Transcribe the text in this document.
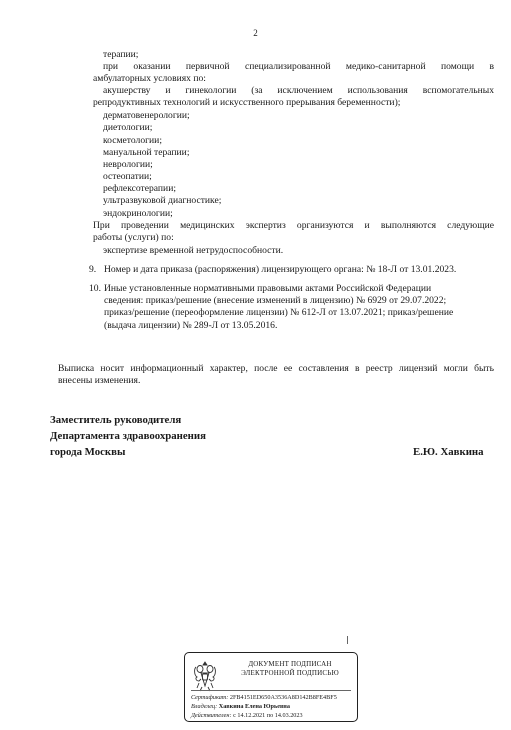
2
терапии;
при оказании первичной специализированной медико-санитарной помощи в
амбулаторных условиях по:
акушерству и гинекологии (за исключением использования вспомогательных
репродуктивных технологий и искусственного прерывания беременности);
дерматовенерологии;
диетологии;
косметологии;
мануальной терапии;
неврологии;
остеопатии;
рефлексотерапии;
ультразвуковой диагностике;
эндокринологии;
При проведении медицинских экспертиз организуются и выполняются следующие
работы (услуги) по:
экспертизе временной нетрудоспособности.
9. Номер и дата приказа (распоряжения) лицензирующего органа: № 18-Л от 13.01.2023.
10. Иные установленные нормативными правовыми актами Российской Федерации
сведения: приказ/решение (внесение изменений в лицензию) № 6929 от 29.07.2022;
приказ/решение (переоформление лицензии) № 612-Л от 13.07.2021; приказ/решение
(выдача лицензии) № 289-Л от 13.05.2016.
Выписка носит информационный характер, после ее составления в реестр лицензий могли быть
внесены изменения.
Заместитель руководителя
Департамента здравоохранения
города Москвы	Е.Ю. Хавкина
ДОКУМЕНТ ПОДПИСАН
ЭЛЕКТРОННОЙ ПОДПИСЬЮ
Сертификат: 2FB4151ED650A3536A8D142B8FE4BF5
Владелец: Хавкина Елена Юрьевна
Действителен: с 14.12.2021 по 14.03.2023
